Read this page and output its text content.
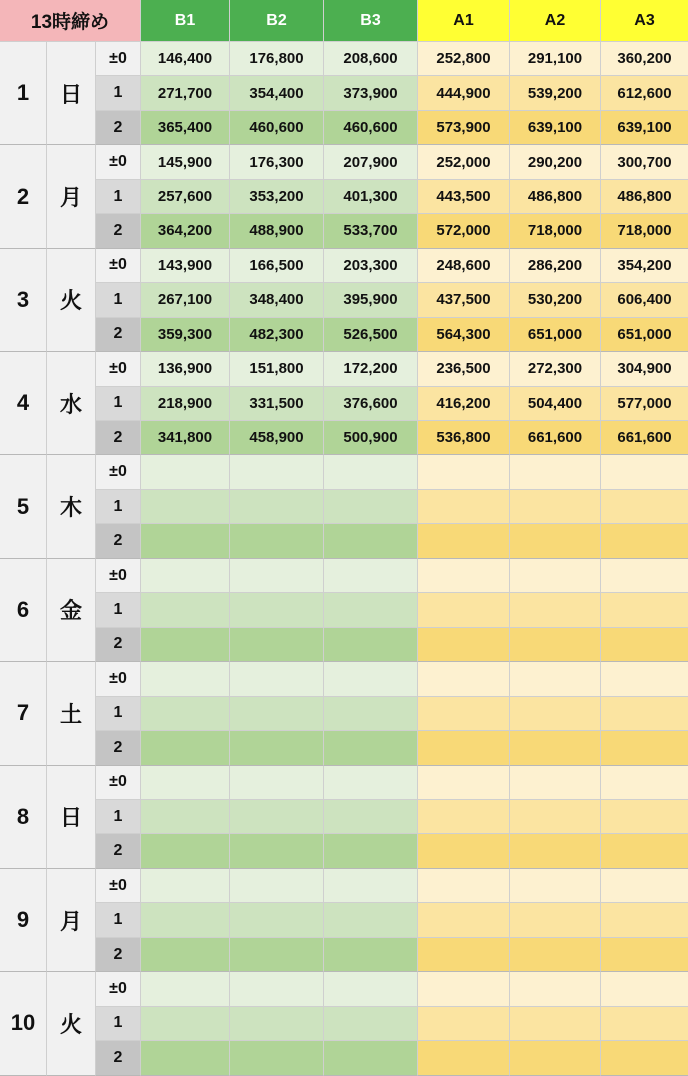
13時締め	B1	B2	B3	A1	A2	A3
1	日
±0	146,400	176,800	208,600	252,800	291,100	360,200
1	271,700	354,400	373,900	444,900	539,200	612,600
2	365,400	460,600	460,600	573,900	639,100	639,100
2	月
±0	145,900	176,300	207,900	252,000	290,200	300,700
1	257,600	353,200	401,300	443,500	486,800	486,800
2	364,200	488,900	533,700	572,000	718,000	718,000
3	火
±0	143,900	166,500	203,300	248,600	286,200	354,200
1	267,100	348,400	395,900	437,500	530,200	606,400
2	359,300	482,300	526,500	564,300	651,000	651,000
4	水
±0	136,900	151,800	172,200	236,500	272,300	304,900
1	218,900	331,500	376,600	416,200	504,400	577,000
2	341,800	458,900	500,900	536,800	661,600	661,600
5	木
±0
1
2
6	金
±0
1
2
7	土
±0
1
2
8	日
±0
1
2
9	月
±0
1
2
10	火
±0
1
2
